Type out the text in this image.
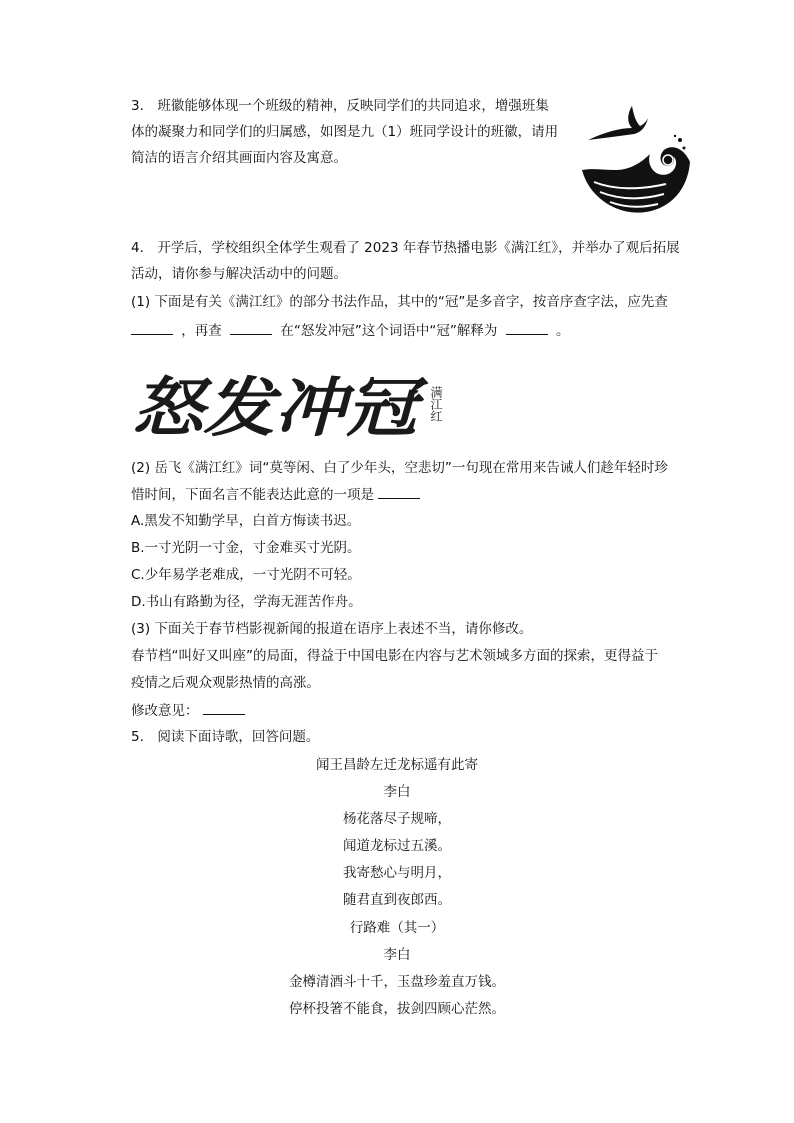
3.　班徽能够体现一个班级的精神，反映同学们的共同追求，增强班集
体的凝聚力和同学们的归属感，如图是九（1）班同学设计的班徽，请用
简洁的语言介绍其画面内容及寓意。
4.　开学后，学校组织全体学生观看了 2023 年春节热播电影《满江红》，并举办了观后拓展
活动，请你参与解决活动中的问题。
(1) 下面是有关《满江红》的部分书法作品，其中的“冠”是多音字，按音序查字法，应先查
，再查	在“怒发冲冠”这个词语中“冠”解释为	。
怒发冲冠 满江红
(2) 岳飞《满江红》词“莫等闲、白了少年头，空悲切”一句现在常用来告诫人们趁年轻时珍
惜时间，下面名言不能表达此意的一项是
A.黑发不知勤学早，白首方悔读书迟。
B.一寸光阴一寸金，寸金难买寸光阴。
C.少年易学老难成，一寸光阴不可轻。
D.书山有路勤为径，学海无涯苦作舟。
(3) 下面关于春节档影视新闻的报道在语序上表述不当，请你修改。
春节档“叫好又叫座”的局面，得益于中国电影在内容与艺术领域多方面的探索，更得益于
疫情之后观众观影热情的高涨。
修改意见：
5.　阅读下面诗歌，回答问题。
闻王昌龄左迁龙标遥有此寄
李白
杨花落尽子规啼，
闻道龙标过五溪。
我寄愁心与明月，
随君直到夜郎西。
行路难（其一）
李白
金樽清酒斗十千，玉盘珍羞直万钱。
停杯投箸不能食，拔剑四顾心茫然。
